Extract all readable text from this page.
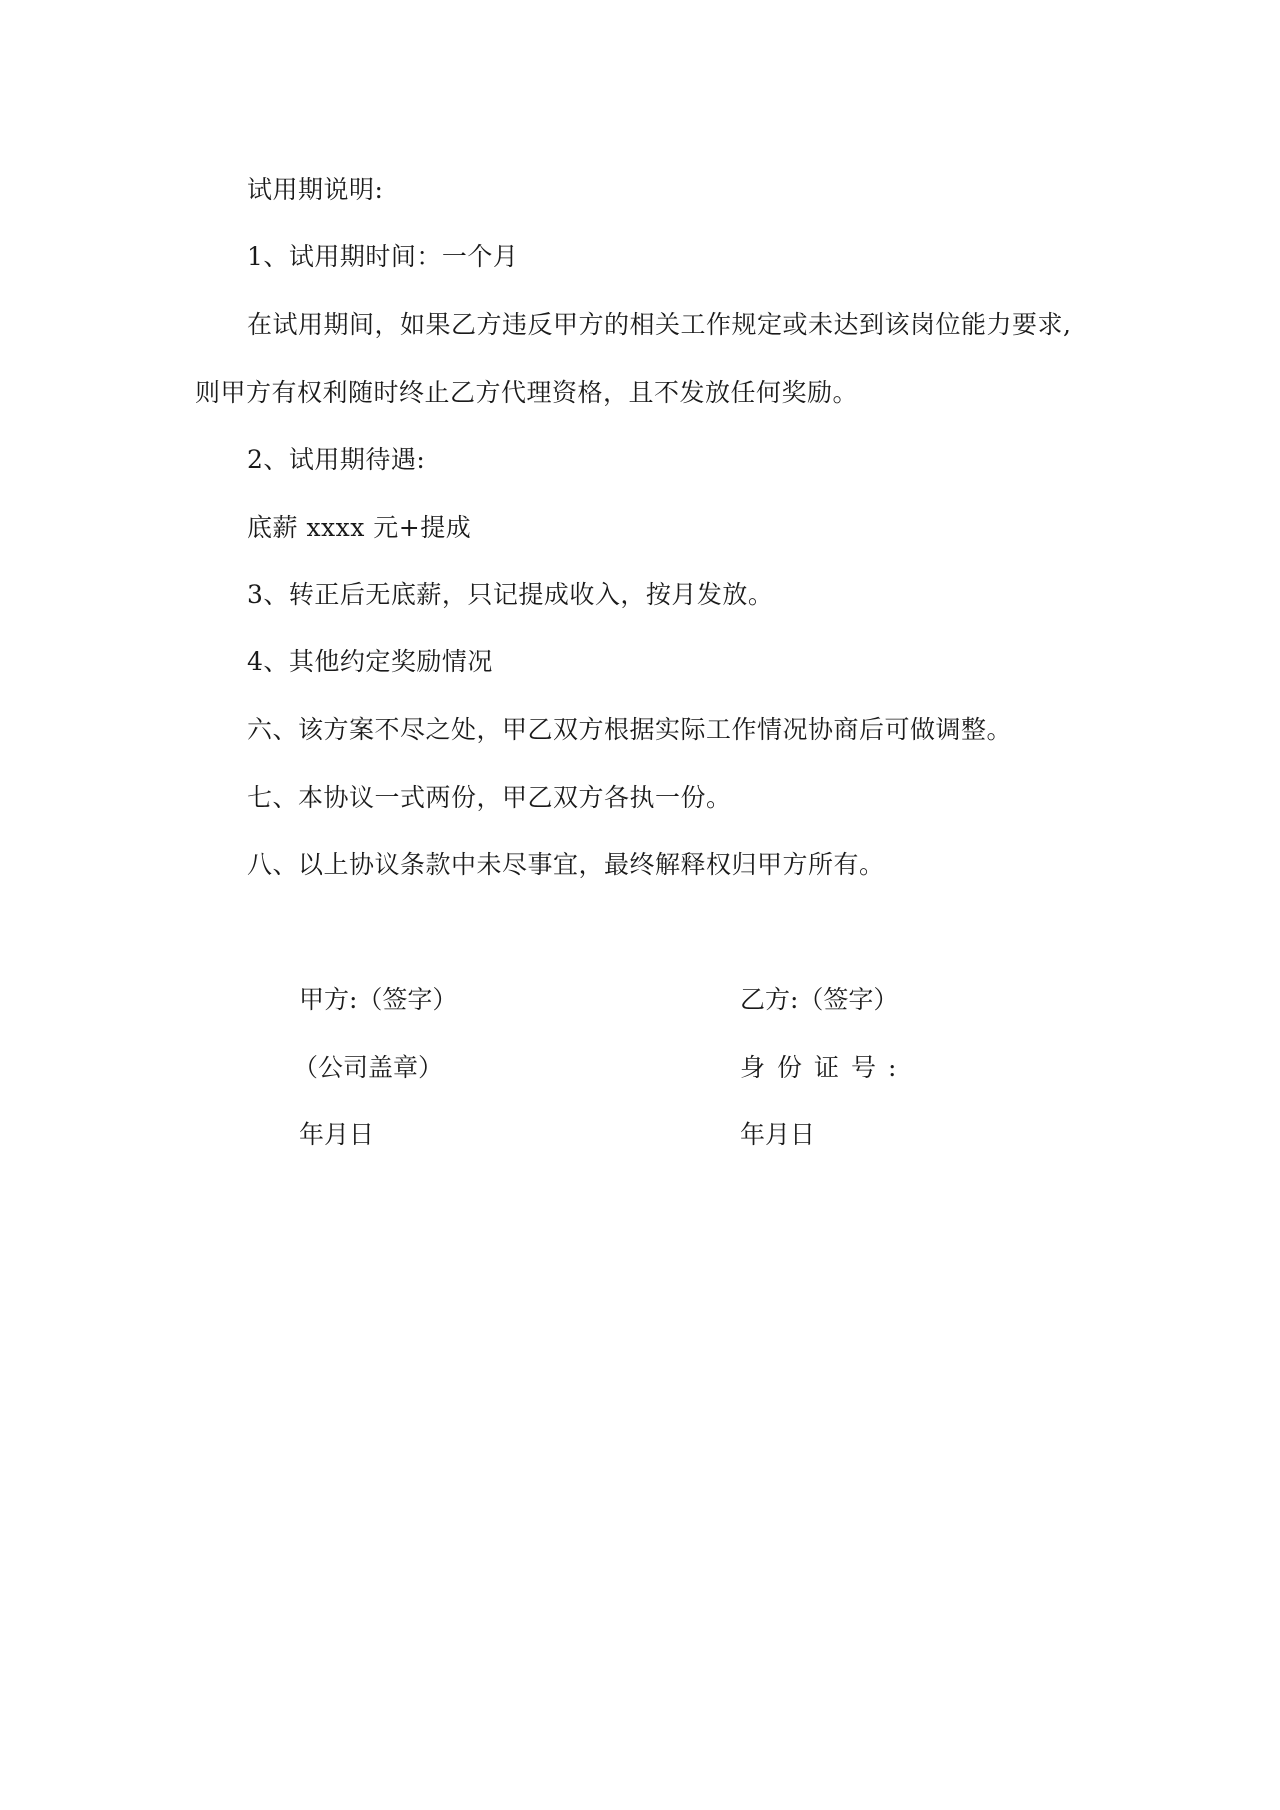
试用期说明:
1、试用期时间：一个月
在试用期间，如果乙方违反甲方的相关工作规定或未达到该岗位能力要求,
则甲方有权利随时终止乙方代理资格，且不发放任何奖励。
2、试用期待遇:
底薪 xxxx 元+提成
3、转正后无底薪，只记提成收入，按月发放。
4、其他约定奖励情况
六、该方案不尽之处，甲乙双方根据实际工作情况协商后可做调整。
七、本协议一式两份，甲乙双方各执一份。
八、以上协议条款中未尽事宜，最终解释权归甲方所有。
甲方:（签字）	乙方:（签字）
（公司盖章）	身份证号:
年月日	年月日
